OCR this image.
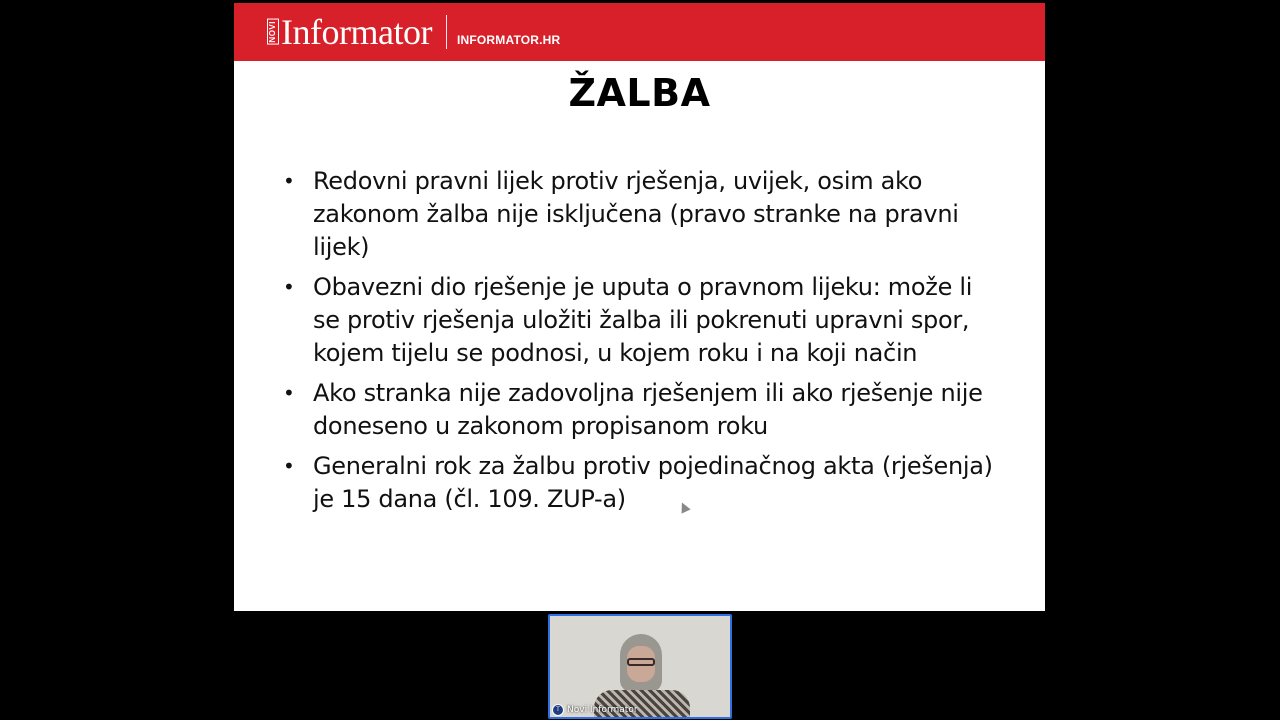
NOVI Informator INFORMATOR.HR
ŽALBA
• Redovni pravni lijek protiv rješenja, uvijek, osim ako zakonom žalba nije isključena (pravo stranke na pravni lijek)
• Obavezni dio rješenje je uputa o pravnom lijeku: može li se protiv rješenja uložiti žalba ili pokrenuti upravni spor, kojem tijelu se podnosi, u kojem roku i na koji način
• Ako stranka nije zadovoljna rješenjem ili ako rješenje nije doneseno u zakonom propisanom roku
• Generalni rok za žalbu protiv pojedinačnog akta (rješenja) je 15 dana (čl. 109. ZUP-a)
T Novi Informator
